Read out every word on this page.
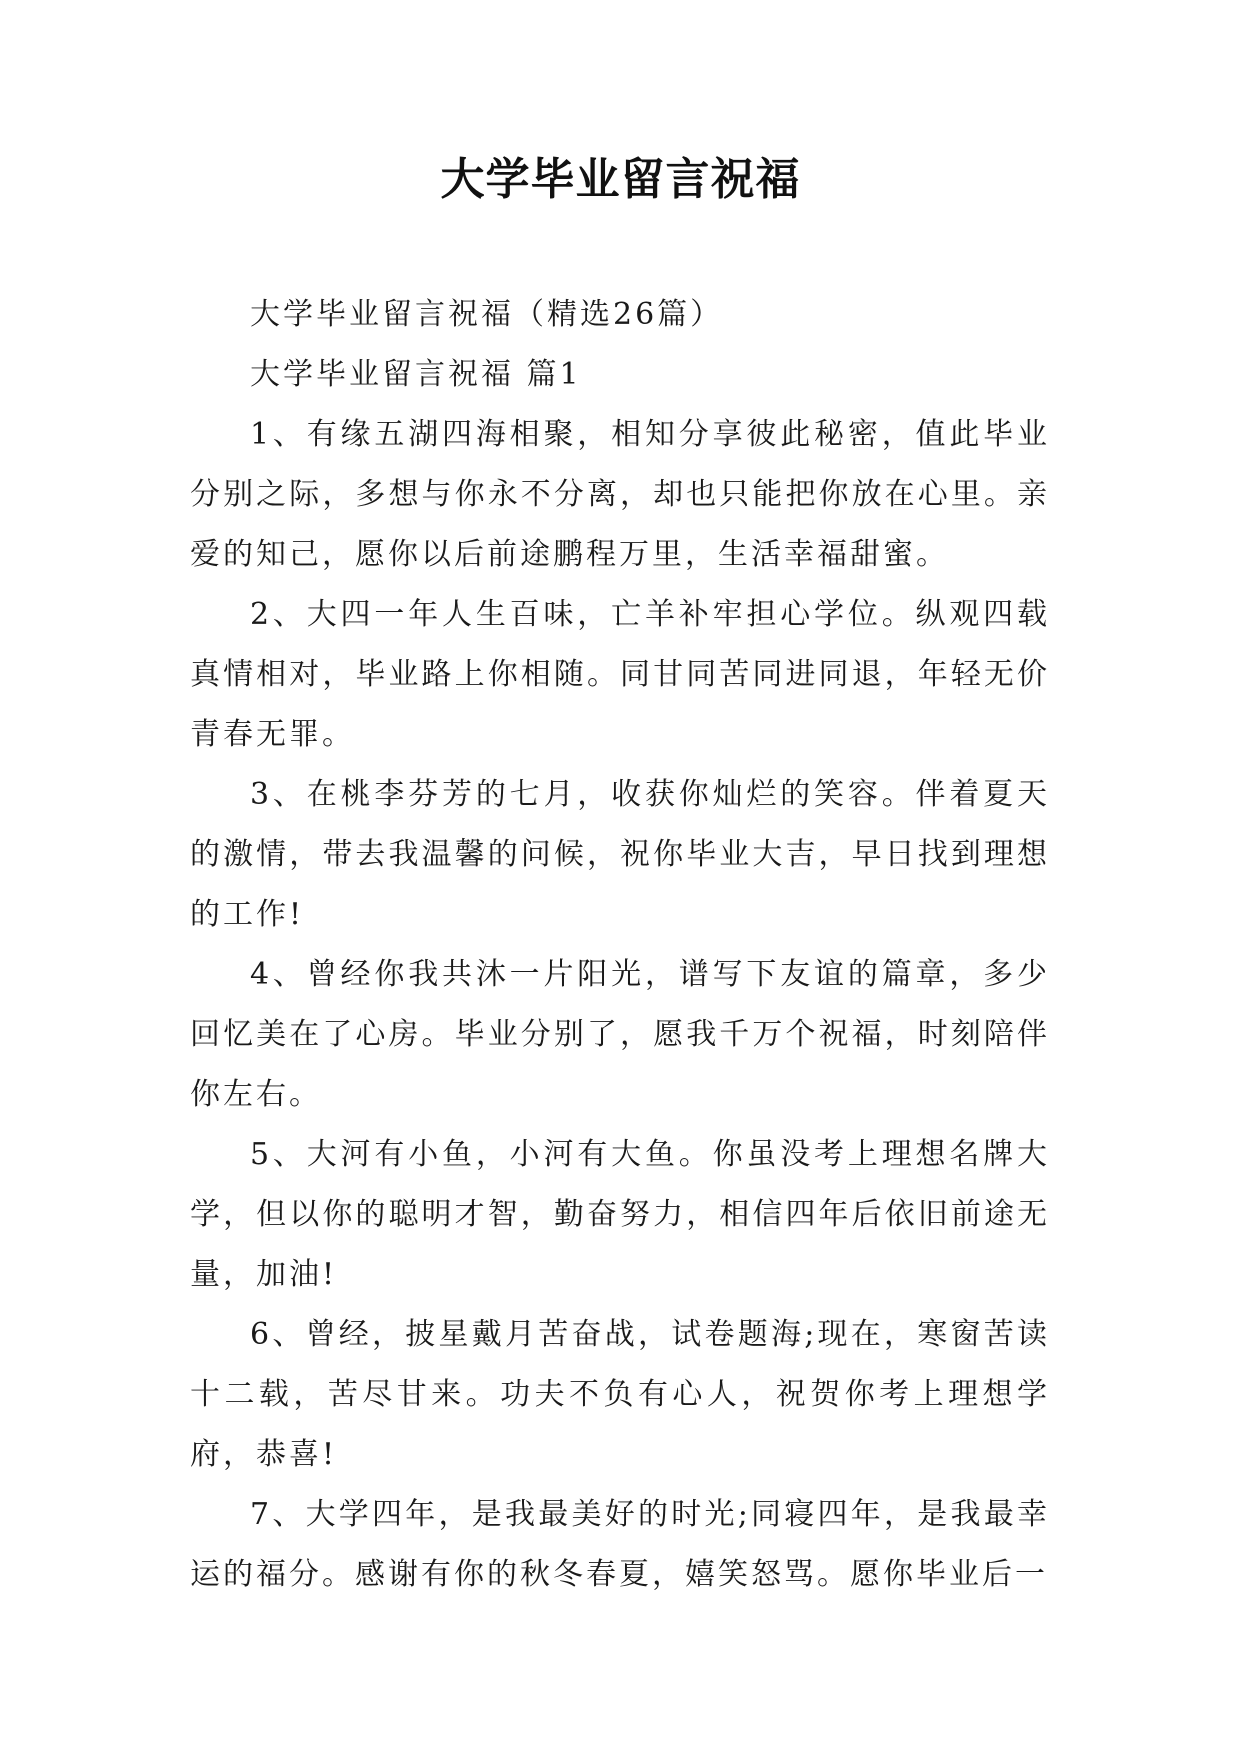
大学毕业留言祝福

大学毕业留言祝福（精选26篇）

大学毕业留言祝福 篇1

1、有缘五湖四海相聚，相知分享彼此秘密，值此毕业分别之际，多想与你永不分离，却也只能把你放在心里。亲爱的知己，愿你以后前途鹏程万里，生活幸福甜蜜。

2、大四一年人生百味，亡羊补牢担心学位。纵观四载真情相对，毕业路上你相随。同甘同苦同进同退，年轻无价青春无罪。

3、在桃李芬芳的七月，收获你灿烂的笑容。伴着夏天的激情，带去我温馨的问候，祝你毕业大吉，早日找到理想的工作!

4、曾经你我共沐一片阳光，谱写下友谊的篇章，多少回忆美在了心房。毕业分别了，愿我千万个祝福，时刻陪伴你左右。

5、大河有小鱼，小河有大鱼。你虽没考上理想名牌大学，但以你的聪明才智，勤奋努力，相信四年后依旧前途无量，加油!

6、曾经，披星戴月苦奋战，试卷题海;现在，寒窗苦读十二载，苦尽甘来。功夫不负有心人，祝贺你考上理想学府，恭喜!

7、大学四年，是我最美好的时光;同寝四年，是我最幸运的福分。感谢有你的秋冬春夏，嬉笑怒骂。愿你毕业后一
